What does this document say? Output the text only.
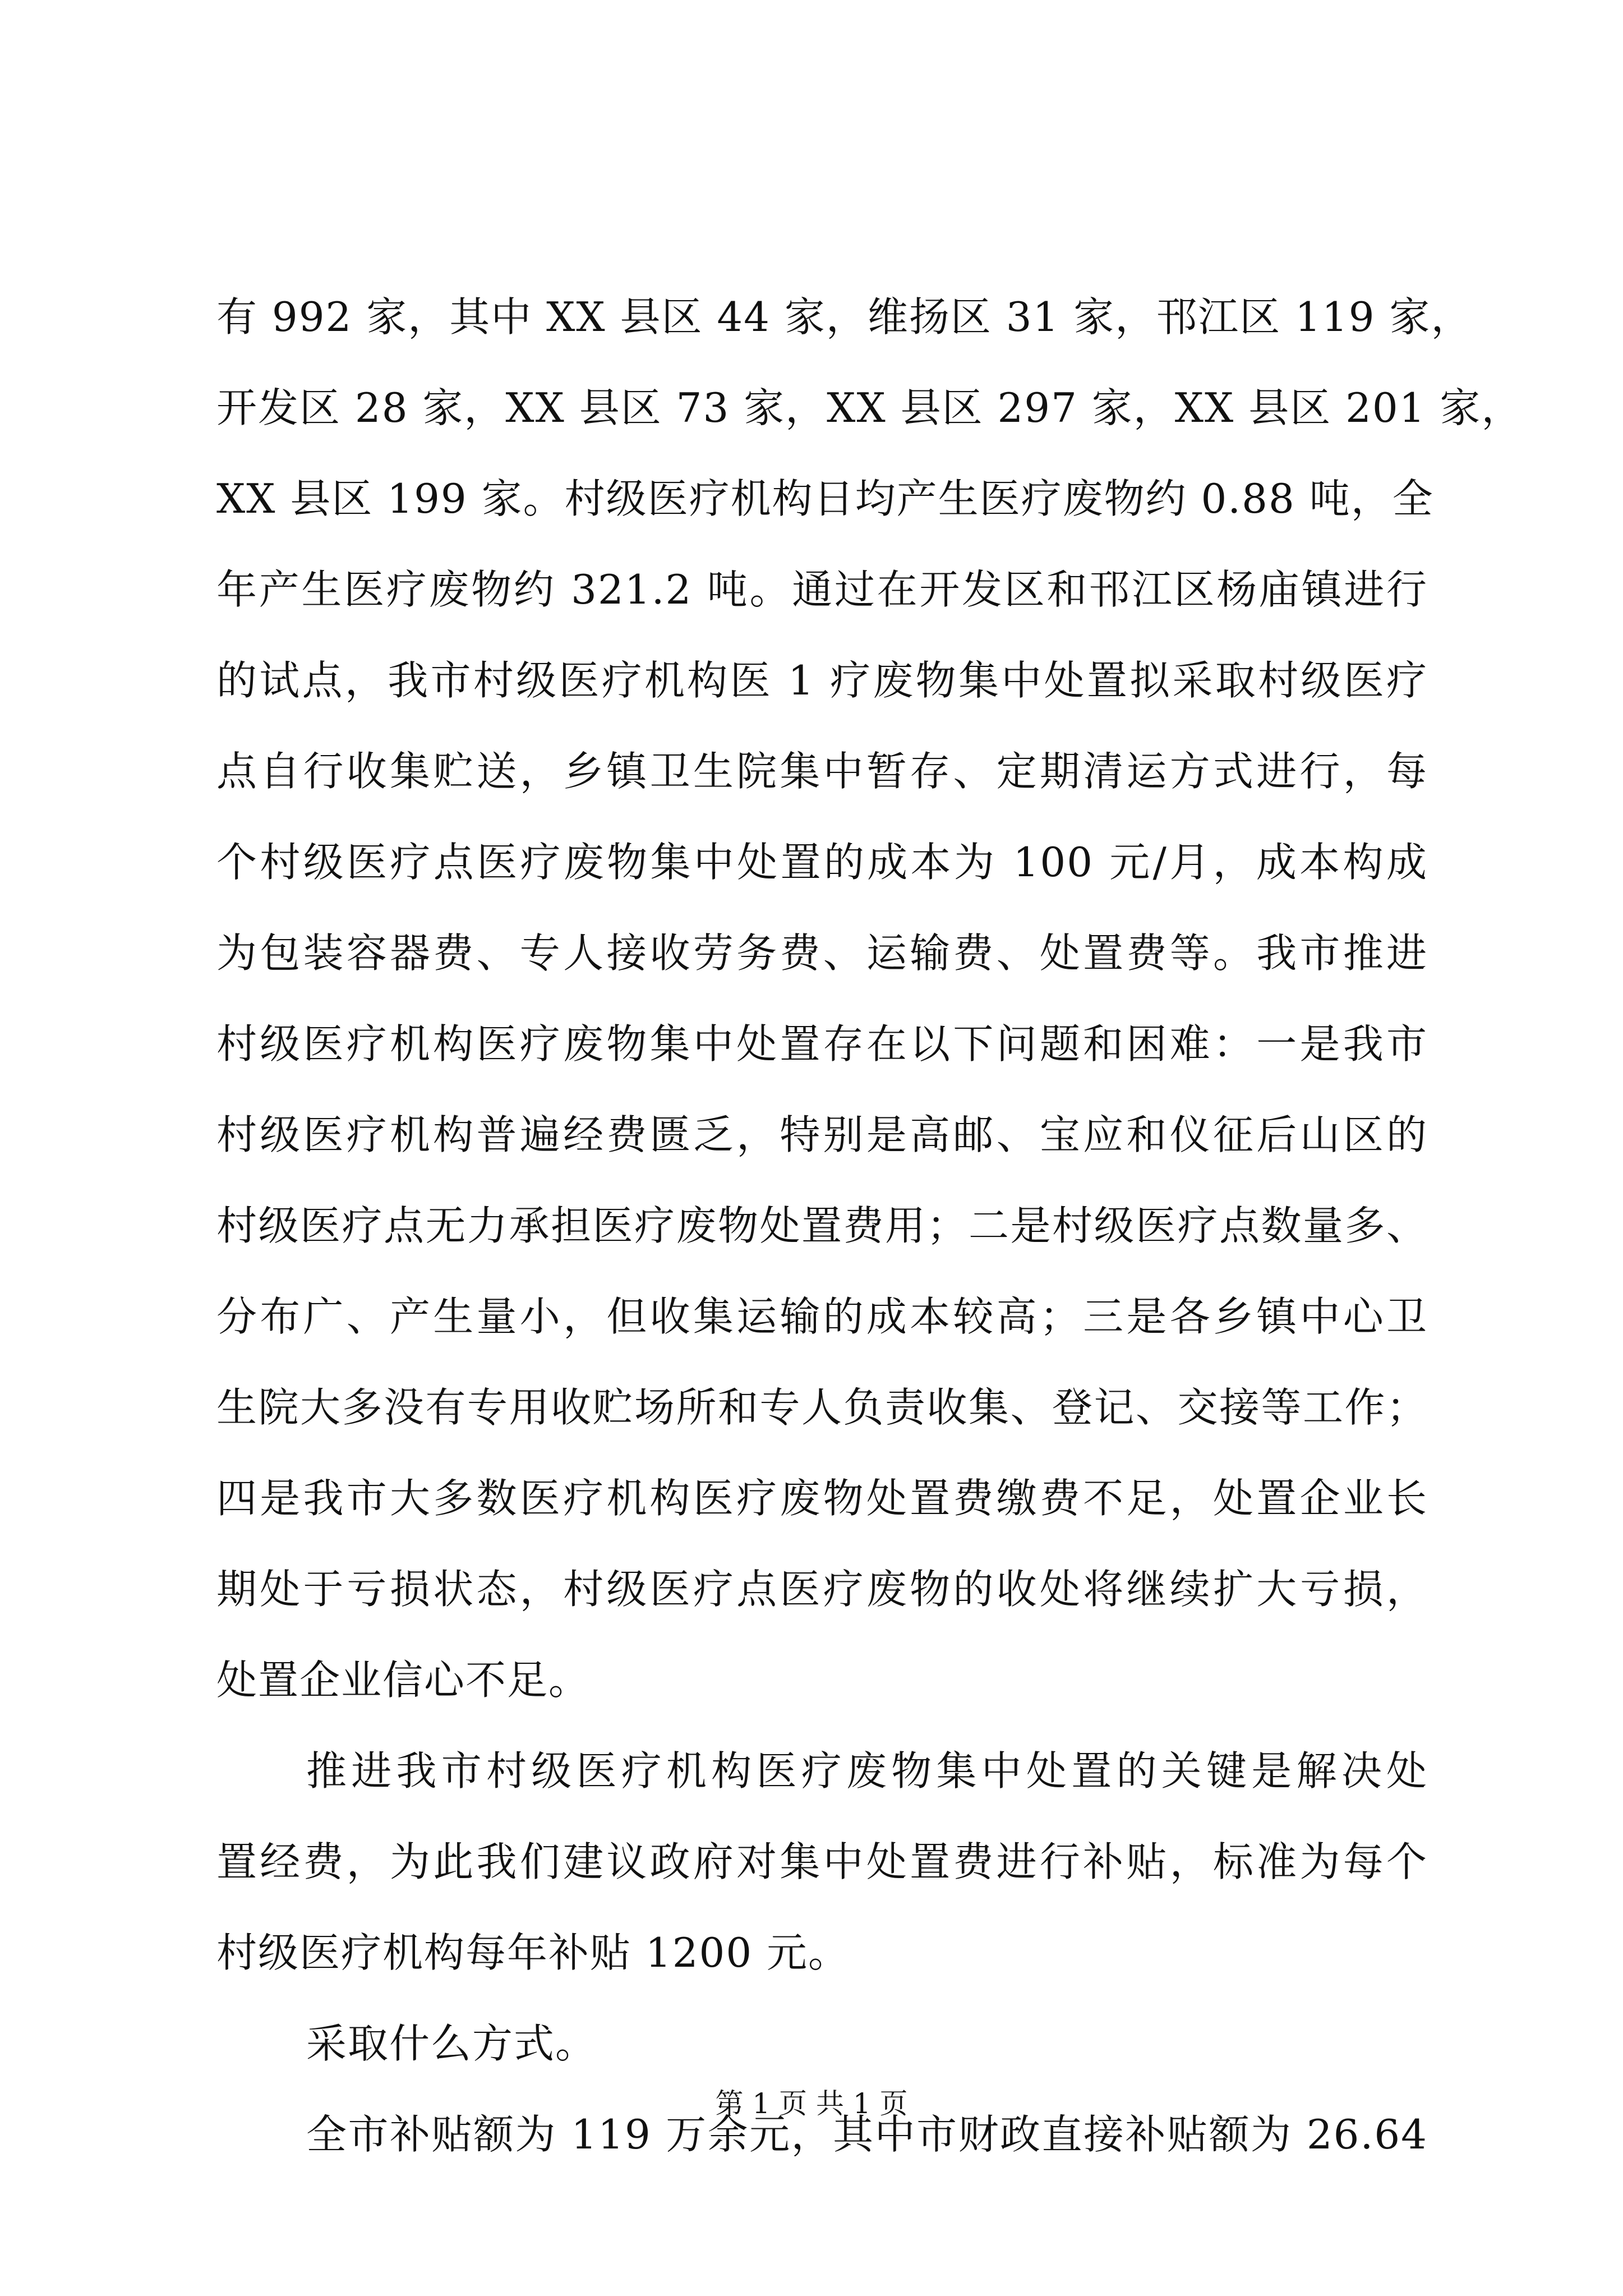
有 992 家，其中 XX 县区 44 家，维扬区 31 家，邗江区 119 家，
开发区 28 家，XX 县区 73 家，XX 县区 297 家，XX 县区 201 家，
XX 县区 199 家。村级医疗机构日均产生医疗废物约 0.88 吨，全
年产生医疗废物约 321.2 吨。通过在开发区和邗江区杨庙镇进行
的试点，我市村级医疗机构医 1 疗废物集中处置拟采取村级医疗
点自行收集贮送，乡镇卫生院集中暂存、定期清运方式进行，每
个村级医疗点医疗废物集中处置的成本为 100 元/月，成本构成
为包装容器费、专人接收劳务费、运输费、处置费等。我市推进
村级医疗机构医疗废物集中处置存在以下问题和困难：一是我市
村级医疗机构普遍经费匮乏，特别是高邮、宝应和仪征后山区的
村级医疗点无力承担医疗废物处置费用；二是村级医疗点数量多、
分布广、产生量小，但收集运输的成本较高；三是各乡镇中心卫
生院大多没有专用收贮场所和专人负责收集、登记、交接等工作；
四是我市大多数医疗机构医疗废物处置费缴费不足，处置企业长
期处于亏损状态，村级医疗点医疗废物的收处将继续扩大亏损，
处置企业信心不足。
推进我市村级医疗机构医疗废物集中处置的关键是解决处
置经费，为此我们建议政府对集中处置费进行补贴，标准为每个
村级医疗机构每年补贴 1200 元。
采取什么方式。
全市补贴额为 119 万余元，其中市财政直接补贴额为 26.64
第 1 页 共 1 页
